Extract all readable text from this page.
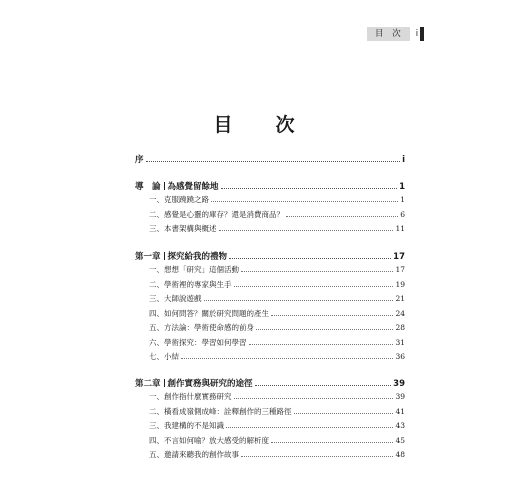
目 次	i
目　次
序	i
導　論 為感覺留餘地	1
一、克服蹺蹺之路	1
二、感覺是心靈的庫存？還是消費商品？	6
三、本書架構與概述	11
第一章 探究給我的禮物	17
一、想想「研究」這個活動	17
二、學術裡的專家與生手	19
三、大師說遊戲	21
四、如何問答？關於研究問題的產生	24
五、方法論：學術使命感的前身	28
六、學術探究：學習如何學習	31
七、小結	36
第二章 創作實務與研究的途徑	39
一、創作指什麼實務研究	39
二、橫看成嶺側成峰：詮釋創作的三種路徑	41
三、我建構的不是知識	43
四、不言如何喻？放大感受的解析度	45
五、邀請來聽我的創作故事	48
